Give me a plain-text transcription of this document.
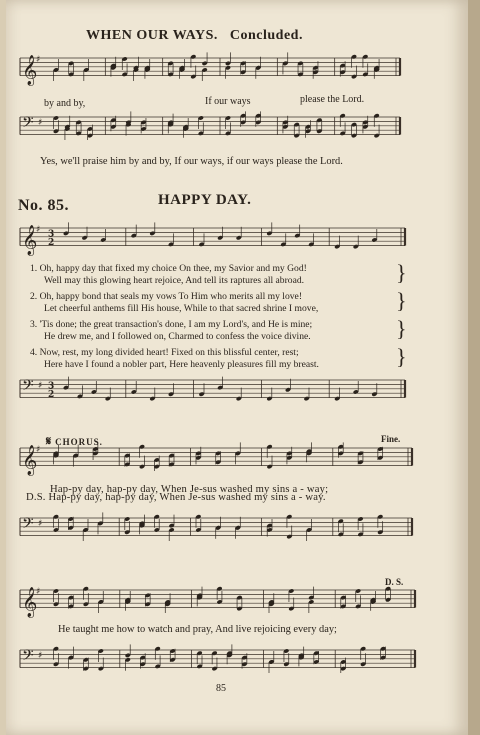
WHEN OUR WAYS. Concluded.
𝄞
♯
𝄢 ♯
by and by,	If our ways	please the Lord.
Yes, we'll praise him by and by, If our ways, if our ways please the Lord.
No. 85.	HAPPY DAY.
𝄞
♯ 3
2
1. Oh, happy day that fixed my choice On thee, my Savior and my God!
Well may this glowing heart rejoice, And tell its raptures all abroad.	}
2. Oh, happy bond that seals my vows To Him who merits all my love!
Let cheerful anthems fill His house, While to that sacred shrine I move,	}
3. 'Tis done; the great transaction's done, I am my Lord's, and He is mine;
He drew me, and I followed on, Charmed to confess the voice divine.	}
4. Now, rest, my long divided heart! Fixed on this blissful center, rest;
Here have I found a nobler part, Here heavenly pleasures fill my breast.	}
𝄢 ♯ 3
2
𝄋 CHORUS.	Fine.
𝄞
♯
Hap-py day, hap-py day, When Je-sus washed my sins a - way;
D.S. Hap-py day, hap-py day, When Je-sus washed my sins a - way.
𝄢 ♯
D. S.
𝄞
♯
He taught me how to watch and pray, And live rejoicing every day;
𝄢 ♯
85
